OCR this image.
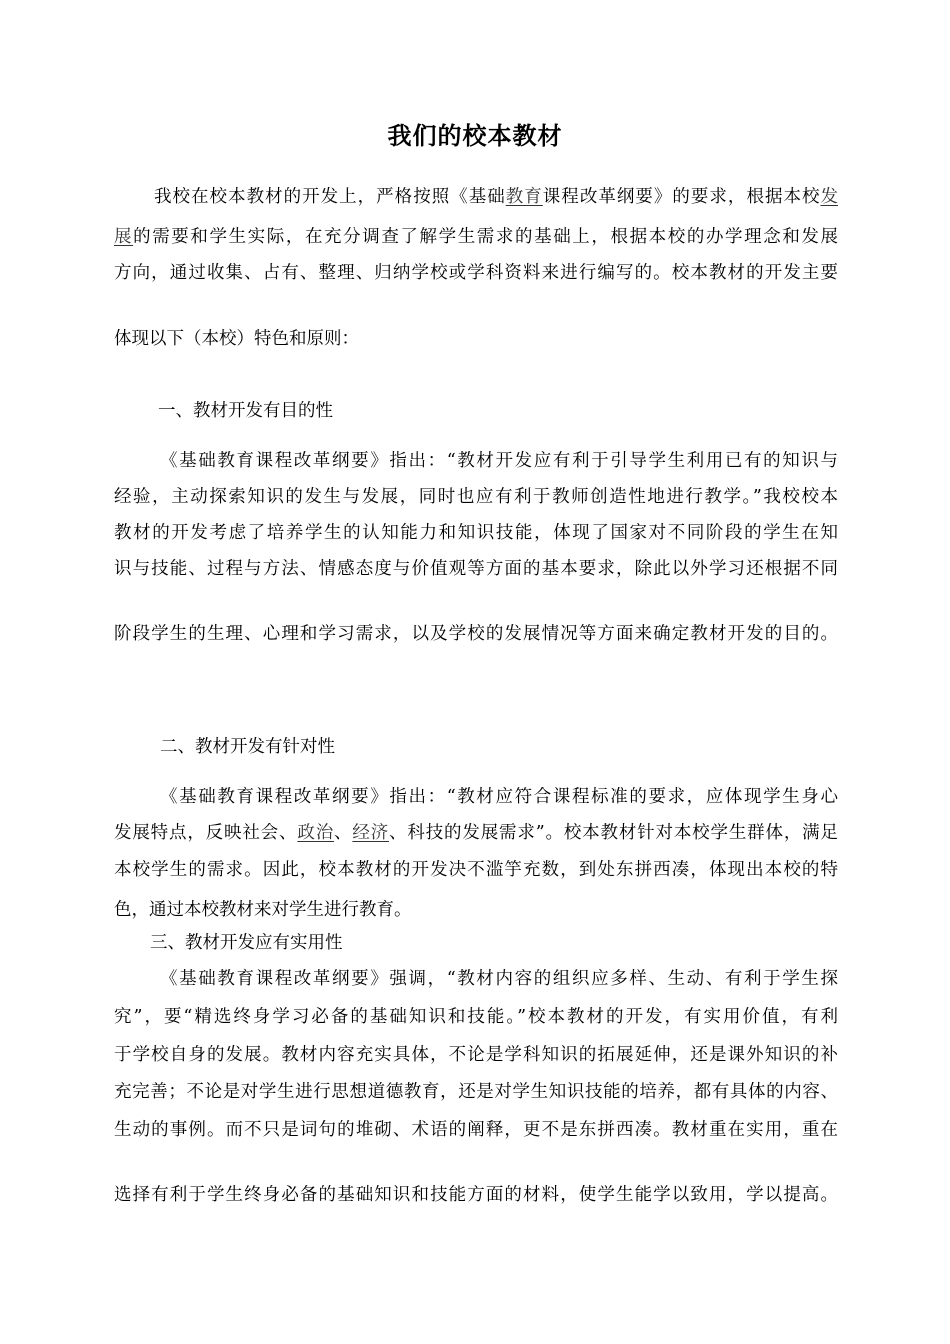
我们的校本教材
我校在校本教材的开发上，严格按照《基础教育课程改革纲要》的要求，根据本校发
展的需要和学生实际，在充分调查了解学生需求的基础上，根据本校的办学理念和发展
方向，通过收集、占有、整理、归纳学校或学科资料来进行编写的。校本教材的开发主要
体现以下（本校）特色和原则：
一、教材开发有目的性
《基础教育课程改革纲要》指出：“教材开发应有利于引导学生利用已有的知识与
经验，主动探索知识的发生与发展，同时也应有利于教师创造性地进行教学。”我校校本
教材的开发考虑了培养学生的认知能力和知识技能，体现了国家对不同阶段的学生在知
识与技能、过程与方法、情感态度与价值观等方面的基本要求，除此以外学习还根据不同
阶段学生的生理、心理和学习需求，以及学校的发展情况等方面来确定教材开发的目的。
二、教材开发有针对性
《基础教育课程改革纲要》指出：“教材应符合课程标准的要求，应体现学生身心
发展特点，反映社会、政治、经济、科技的发展需求”。校本教材针对本校学生群体，满足
本校学生的需求。因此，校本教材的开发决不滥竽充数，到处东拼西凑，体现出本校的特
色，通过本校教材来对学生进行教育。
三、教材开发应有实用性
《基础教育课程改革纲要》强调，“教材内容的组织应多样、生动、有利于学生探
究”，要“精选终身学习必备的基础知识和技能。”校本教材的开发，有实用价值，有利
于学校自身的发展。教材内容充实具体，不论是学科知识的拓展延伸，还是课外知识的补
充完善；不论是对学生进行思想道德教育，还是对学生知识技能的培养，都有具体的内容、
生动的事例。而不只是词句的堆砌、术语的阐释，更不是东拼西凑。教材重在实用，重在
选择有利于学生终身必备的基础知识和技能方面的材料，使学生能学以致用，学以提高。
